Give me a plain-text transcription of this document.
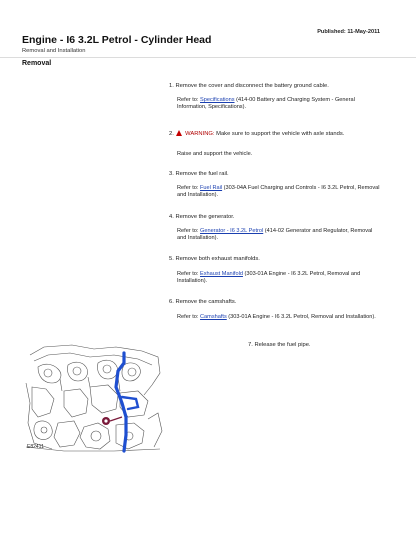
Published: 11-May-2011
Engine - I6 3.2L Petrol - Cylinder Head
Removal and Installation
Removal
1. Remove the cover and disconnect the battery ground cable.
Refer to: Specifications (414-00 Battery and Charging System - General Information, Specifications).
2. WARNING: Make sure to support the vehicle with axle stands.
Raise and support the vehicle.
3. Remove the fuel rail.
Refer to: Fuel Rail (303-04A Fuel Charging and Controls - I6 3.2L Petrol, Removal and Installation).
4. Remove the generator.
Refer to: Generator - I6 3.2L Petrol (414-02 Generator and Regulator, Removal and Installation).
5. Remove both exhaust manifolds.
Refer to: Exhaust Manifold (303-01A Engine - I6 3.2L Petrol, Removal and Installation).
6. Remove the camshafts.
Refer to: Camshafts (303-01A Engine - I6 3.2L Petrol, Removal and Installation).
7. Release the fuel pipe.
E82411
